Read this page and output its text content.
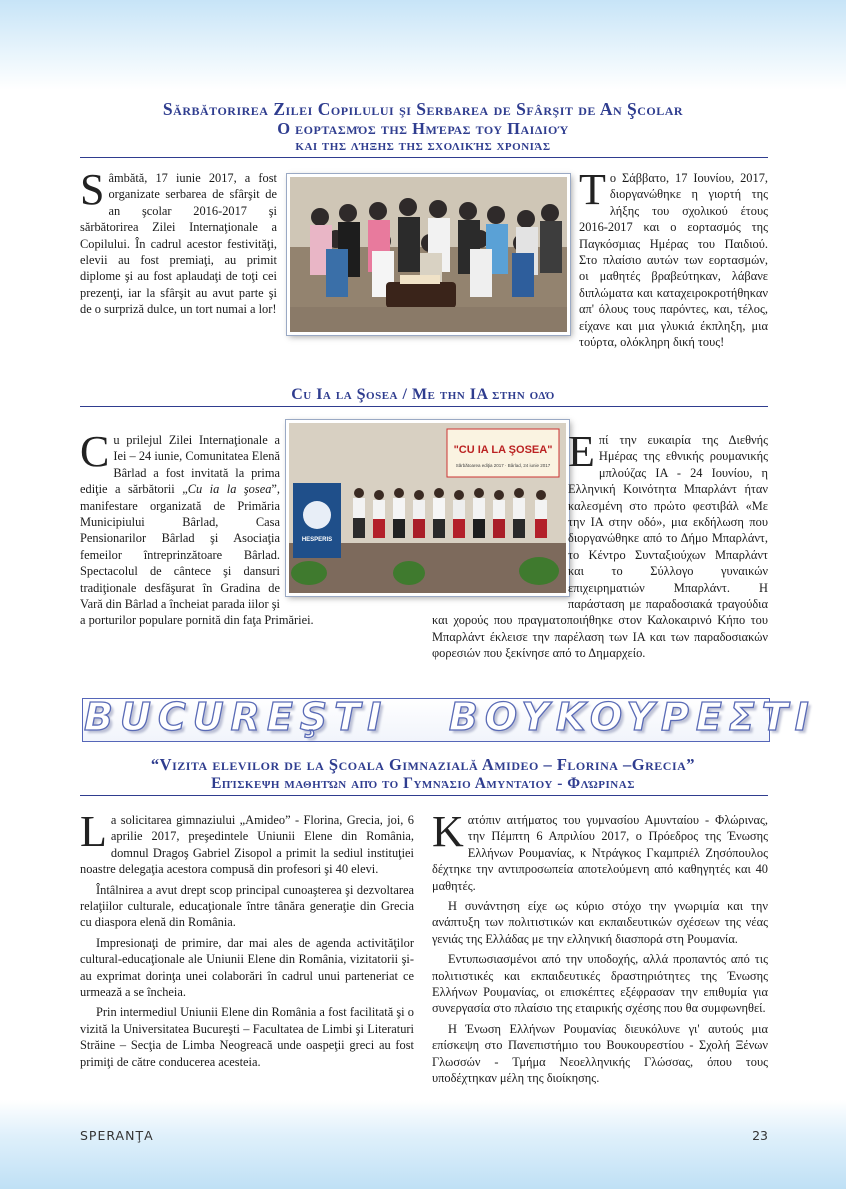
Sărbătorirea Zilei Copilului şi Serbarea de Sfârşit de An Şcolar
Ο εορτασμός της Ημέρας του Παιδιού
και της λήξης της σχολικής χρονιάς
Sâmbătă, 17 iunie 2017, a fost organizate serbarea de sfârşit de an şcolar 2016-2017 şi sărbătorirea Zilei Internaţionale a Copilului. În cadrul acestor festivităţi, elevii au fost premiaţi, au primit diplome şi au fost aplaudaţi de toţi cei prezenţi, iar la sfârşit au avut parte şi de o surpriză dulce, un tort numai a lor!
Το Σάββατο, 17 Ιουνίου, 2017, διοργανώθηκε η γιορτή της λήξης του σχολικού έτους 2016-2017 και ο εορτασμός της Παγκόσμιας Ημέρας του Παιδιού. Στο πλαίσιο αυτών των εορτασμών, οι μαθητές βραβεύτηκαν, λάβανε διπλώματα και καταχειροκροτήθηκαν απ' όλους τους παρόντες, και, τέλος, είχανε και μια γλυκιά έκπληξη, μια τούρτα, ολόκληρη δική τους!
Cu Ia la Şosea / Με την ΙΑ στην οδό
Cu prilejul Zilei Internaţionale a Iei – 24 iunie, Comunitatea Elenă Bârlad a fost invitată la prima ediţie a sărbătorii „Cu ia la şosea”, manifestare organizată de Primăria Municipiului Bârlad, Casa Pensionarilor Bârlad şi Asociaţia femeilor întreprinzătoare Bârlad. Spectacolul de cântece şi dansuri tradiţionale desfăşurat în Gradina de Vară din Bârlad a încheiat parada iilor şi a porturilor populare pornită din faţa Primăriei.
"CU IA LA ŞOSEA"
Sărbătoarea ediţia 2017 · Bârlad, 24 iunie 2017
HESPERIS
Επί την ευκαιρία της Διεθνής Ημέρας της εθνικής ρουμανικής μπλούζας ΙΑ - 24 Ιουνίου, η Ελληνική Κοινότητα Μπαρλάντ ήταν καλεσμένη στο πρώτο φεστιβάλ «Με την ΙΑ στην οδό», μια εκδήλωση που διοργανώθηκε από το Δήμο Μπαρλάντ, το Κέντρο Συνταξιούχων Μπαρλάντ και το Σύλλογο γυναικών επιχειρηματιών Μπαρλάντ. Η παράσταση με παραδοσιακά τραγούδια και χορούς που πραγματοποιήθηκε στον Καλοκαιρινό Κήπο του Μπαρλάντ έκλεισε την παρέλαση των ΙΑ και των παραδοσιακών φορεσιών που ξεκίνησε από το Δημαρχείο.
BUCUREŞTI   BOYKOYPEΣTI
“Vizita elevilor de la Şcoala Gimnazială Amideo – Florina –Grecia”
Επίσκεψη μαθητών από το Γυμνάσιο Αμυνταίου - Φλώρινας

La solicitarea gimnaziului „Amideo” - Florina, Grecia, joi, 6 aprilie 2017, preşedintele Uniunii Elene din România, domnul Dragoş Gabriel Zisopol a primit la sediul instituţiei noastre delegaţia acestora compusă din profesori şi 40 elevi.

Întâlnirea a avut drept scop principal cunoaşterea şi dezvoltarea relaţiilor culturale, educaţionale între tânăra generaţie din Grecia cu diaspora elenă din România.

Impresionaţi de primire, dar mai ales de agenda activităţilor cultural-educaţionale ale Uniunii Elene din România, vizitatorii şi-au exprimat dorinţa unei colaborări în cadrul unui parteneriat ce urmează a se încheia.

Prin intermediul Uniunii Elene din România a fost facilitată şi o vizită la Universitatea Bucureşti – Facultatea de Limbi şi Literaturi Străine – Secţia de Limba Neogreacă unde oaspeţii greci au fost primiţi de către conducerea acesteia.

Κατόπιν αιτήματος του γυμνασίου Αμυνταίου - Φλώρινας, την Πέμπτη 6 Απριλίου 2017, ο Πρόεδρος της Ένωσης Ελλήνων Ρουμανίας, κ Ντράγκος Γκαμπριέλ Ζησόπουλος δέχτηκε την αντιπροσωπεία αποτελούμενη από καθηγητές και 40 μαθητές.

Η συνάντηση είχε ως κύριο στόχο την γνωριμία και την ανάπτυξη των πολιτιστικών και εκπαιδευτικών σχέσεων της νέας γενιάς της Ελλάδας με την ελληνική διασπορά στη Ρουμανία.

Εντυπωσιασμένοι από την υποδοχής, αλλά προπαντός από τις πολιτιστικές και εκπαιδευτικές δραστηριότητες της Ένωσης Ελλήνων Ρουμανίας, οι επισκέπτες εξέφρασαν την επιθυμία για συνεργασία στο πλαίσιο της εταιρικής σχέσης που θα συμφωνηθεί.

Η Ένωση Ελλήνων Ρουμανίας διευκόλυνε γι' αυτούς μια επίσκεψη στο Πανεπιστήμιο του Βουκουρεστίου - Σχολή Ξένων Γλωσσών - Τμήμα Νεοελληνικής Γλώσσας, όπου τους υποδέχτηκαν μέλη της διοίκησης.

SPERANŢA	23
